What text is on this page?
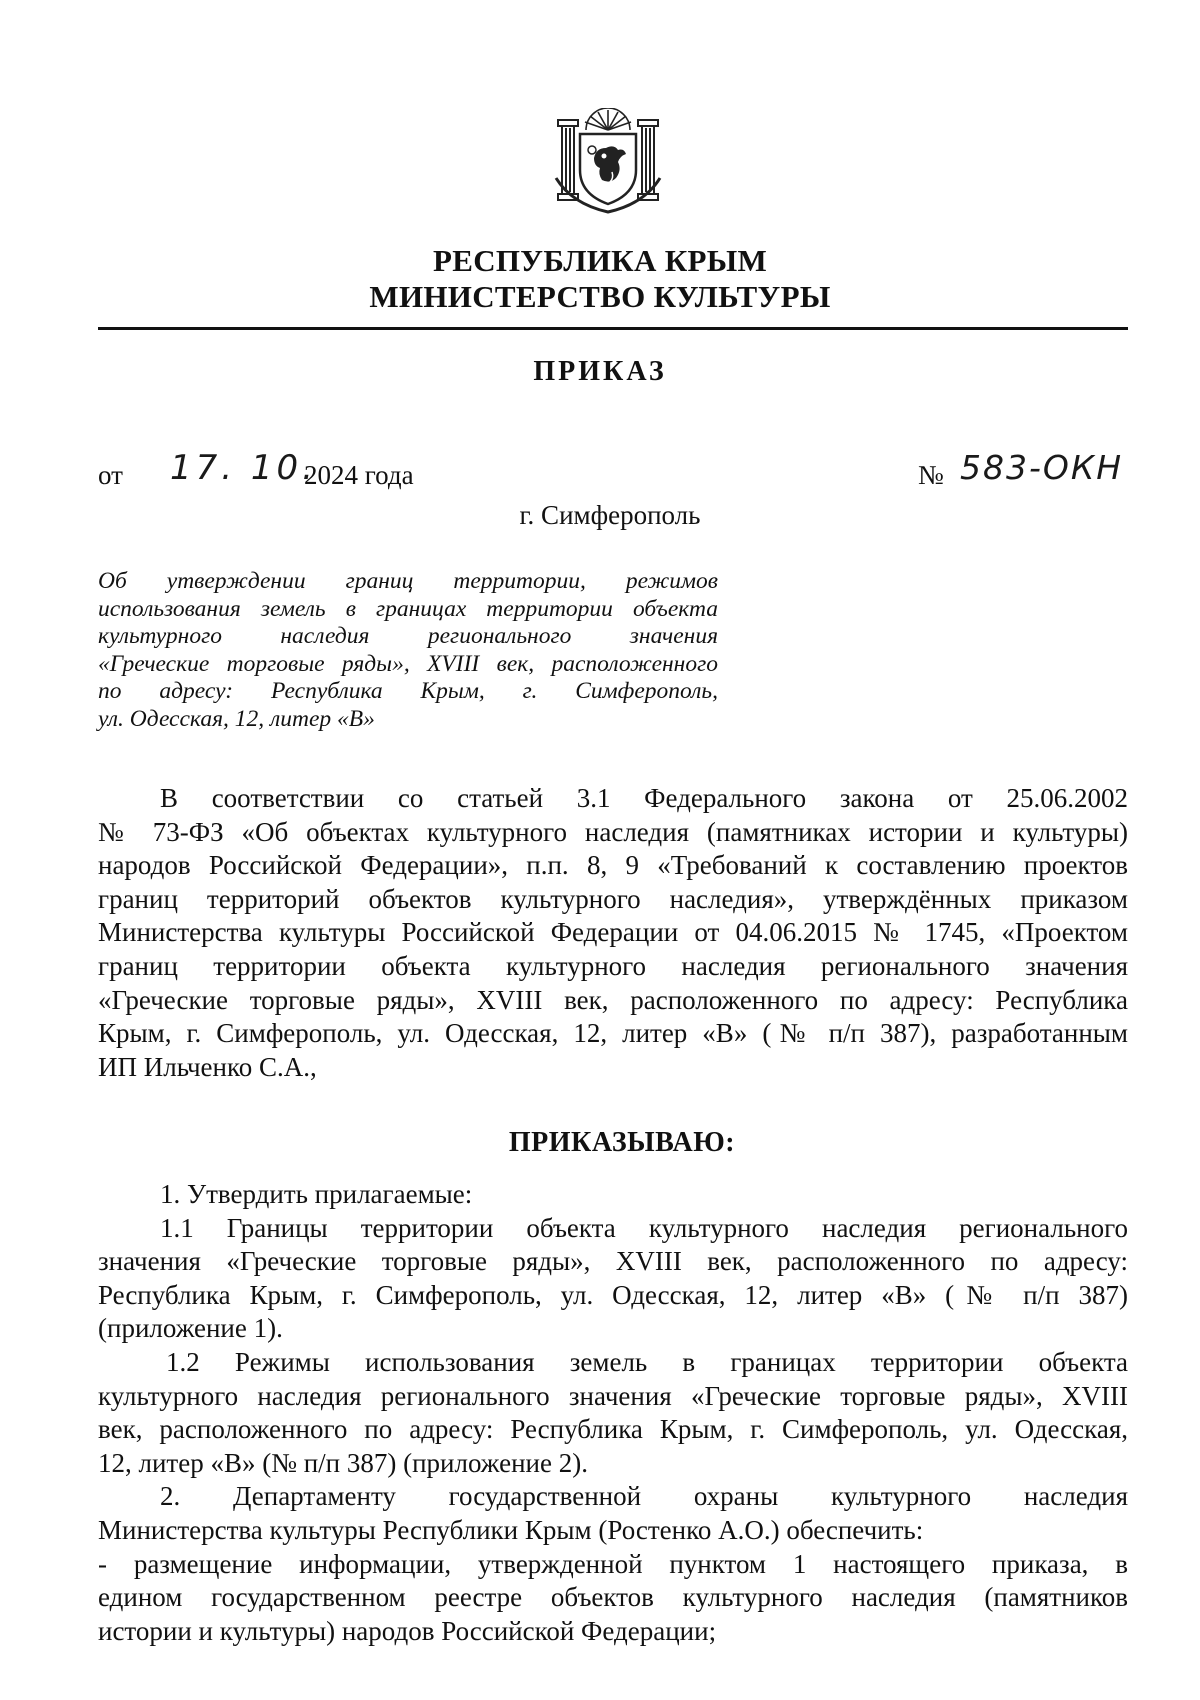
РЕСПУБЛИКА КРЫМ
МИНИСТЕРСТВО КУЛЬТУРЫ
ПРИКАЗ
от 17. 10.
2024 года	№ 583-ОКН
г. Симферополь
Об утверждении границ территории, режимов
использования земель в границах территории объекта
культурного наследия регионального значения
«Греческие торговые ряды», XVIII век, расположенного
по адресу: Республика Крым, г. Симферополь,
ул. Одесская, 12, литер «В»
В соответствии со статьей 3.1 Федерального закона от 25.06.2002
№ 73-ФЗ «Об объектах культурного наследия (памятниках истории и культуры)
народов Российской Федерации», п.п. 8, 9 «Требований к составлению проектов
границ территорий объектов культурного наследия», утверждённых приказом
Министерства культуры Российской Федерации от 04.06.2015 № 1745, «Проектом
границ территории объекта культурного наследия регионального значения
«Греческие торговые ряды», XVIII век, расположенного по адресу: Республика
Крым, г. Симферополь, ул. Одесская, 12, литер «В» (№ п/п 387), разработанным
ИП Ильченко С.А.,
ПРИКАЗЫВАЮ:
1. Утвердить прилагаемые:
1.1 Границы территории объекта культурного наследия регионального
значения «Греческие торговые ряды», XVIII век, расположенного по адресу:
Республика Крым, г. Симферополь, ул. Одесская, 12, литер «В» (№ п/п 387)
(приложение 1).
1.2 Режимы использования земель в границах территории объекта
культурного наследия регионального значения «Греческие торговые ряды», XVIII
век, расположенного по адресу: Республика Крым, г. Симферополь, ул. Одесская,
12, литер «В» (№ п/п 387) (приложение 2).
2. Департаменту государственной охраны культурного наследия
Министерства культуры Республики Крым (Ростенко А.О.) обеспечить:
- размещение информации, утвержденной пунктом 1 настоящего приказа, в
едином государственном реестре объектов культурного наследия (памятников
истории и культуры) народов Российской Федерации;
